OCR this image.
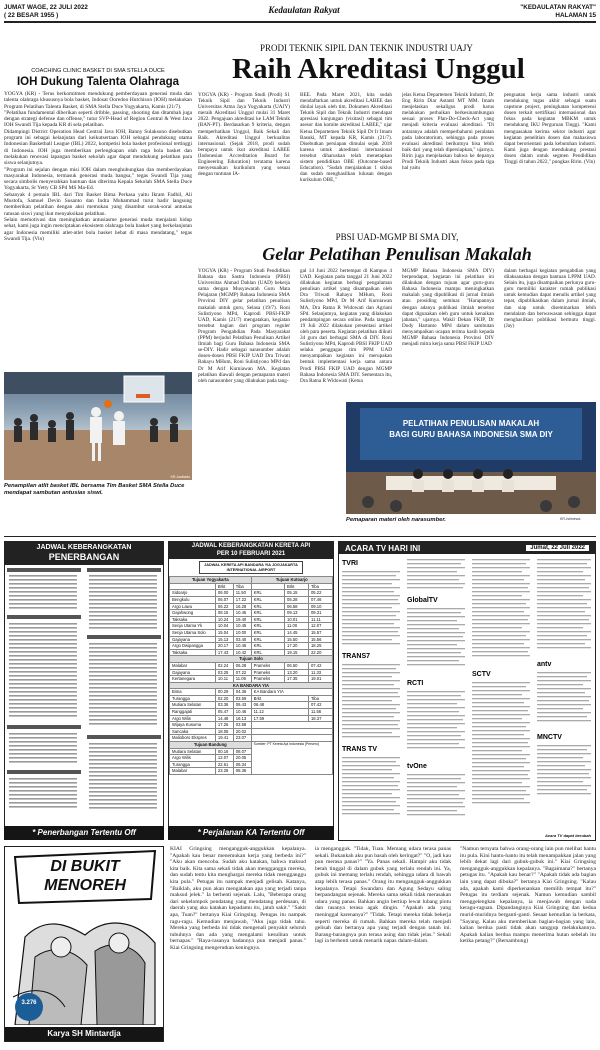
JUMAT WAGE, 22 JULI 2022
( 22 BESAR 1955 )
Kedaulatan Rakyat	"KEDAULATAN RAKYAT"
HALAMAN 15
COACHING CLINIC BASKET DI SMA STELLA DUCE
IOH Dukung Talenta Olahraga

YOGYA (KR) - Terus berkomitmen mendukung pemberdayaan generasi muda dan talenta olahraga khususnya bola basket, Indosat Ooredoo Hutchison (IOH) melakukan Program Pelatihan Talenta Basket, di SMA Stella Duce Yogyakarta, Kamis (21/7).

"Pelatihan fundamental diberikan seperti dribble, passing, shooting dan ditambah juga dengan strategi defense dan offense," tutur SVP-Head of Region Central & West Java IOH Swandi Tija kepada KR di sela pelatihan.

Didampingi District Operation Head Central Java IOH, Banny Sulaksono disebutkan program ini sebagai kelanjutan dari keikutsertaan IOH sebagai pendukung utama Indonesian Basketball League (IBL) 2022, kompetisi bola basket profesional tertinggi di Indonesia. IOH juga memberikan perlengkapan olah raga bola basket dan melakukan renovasi lapangan basket sekolah agar dapat mendukung pelatihan para siswa selanjutnya.

"Program ini sejalan dengan misi IOH dalam menghubungkan dan memberdayakan masyarakat Indonesia, termasuk generasi muda bangsa," tegas Swandi Tija yang secara simbolis menyerahkan bantuan dan diterima Kepala Sekolah SMA Stella Duce Yogyakarta, Sr Yetty CB SPd MS Ma-Ed.

Sebanyak 4 pemain IBL dari Tim Basket Bima Perkasa yaitu Ikram Fadhil, Ali Mustofa, Samuel Devin Susanto dan Indra Muhammad turut hadir langsung memberikan pelatihan dengan aksi memukau yang disambut sorak-sorai antusias ratusan siswi yang ikut menyaksikan pelatihan.

Selain memotivasi dan meningkatkan antusiasme generasi muda menjalani hidup sehat, kami juga ingin menciptakan ekosistem olahraga bola basket yang berkelanjutan agar Indonesia memiliki atlet-atlet bola basket hebat di masa mendatang," tegas Swandi Tija. (Vin)

KR-Juwitarto
Penampilan atlit basket IBL bersama Tim Basket SMA Stella Duce mendapat sambutan antusias siswi.
PRODI TEKNIK SIPIL DAN TEKNIK INDUSTRI UAJY
Raih Akreditasi Unggul

YOGYA (KR) - Program Studi (Prodi) S1 Teknik Sipil dan Teknik Industri Universitas Atma Jaya Yogyakarta (UAJY) meraih Akreditasi Unggul mulai 31 Maret 2022. Pengajuan akreditasi ke LAM Teknik (BAN-PT). Berdasarkan 9 kriteria, dengan memperhatikan Unggul, Baik Sekali dan Baik. Akreditasi Unggul berkualitas internasional. (Sejak 2018, prodi sudah berupaya untuk ikut akreditasi LABEE (Indonesian Accreditation Board for Engineering Education) terutama karena menyesuaikan kurikulum yang sesuai dengan tuntutan IA-

BEE. Pada Maret 2021, kita sudah mendaftarkan untuk akreditasi LABEE dan dinilai layak oleh tim. Dokumen Akreditasi Teknik Sipil dan Teknik Industri mendapat apresiasi kunjungan (visitasi) sebagai tim asesor dan komite akreditasi LABEE," ujar Ketua Departemen Teknik Sipil Dr Ir Imam Basuki, MT kepada KR, Kamis (21/7). Disebutkan persiapan dimulai sejak 2018 karena untuk akreditasi internasional tersebut diharuskan telah menetapkan sistem pendidikan OBE (Outcome-based Education). "Sudah menjalankan 1 siklus dan sudah menghasilkan lulusan dengan kurikulum OBE,"

jelas Ketua Departemen Teknik Industri, Dr Eng Ririn Diar Astanti MT MM. Imam menjelaskan sekaligus prodi harus melakukan perbaikan berkesinambungan sesuai proses Plan-Do-Check-Act yang menjadi kriteria evaluasi akreditasi. "Di antaranya adalah memperbaharui peralatan pada laboratorium, sehingga pada proses evaluasi akreditasi berikutnya bisa lebih baik dari yang telah dipersiapkan," ujarnya. Ririn juga menjelaskan bahwa ke depanya Prodi Teknik Industri akan fokus pada tiga hal yaitu

penguatan kerja sama industri untuk mendukung tugas akhir sebagai suatu capstone project, peningkatan kompetensi dosen terkait sertifikasi internasional dan fokus pada kegiatan MBKM untuk mendukung IKU Perguruan Tinggi. "Kami menguasakan kerima sektor industri agar kegiatan penelitian dosen dan mahasiswa dapat berorientasi pada kebutuhan industri. Kami juga dengan mendukung prestasi dosen dalam untuk segmen Pendidikan Tinggi di tahun 2022," pungkas Ririn. (Vin)

PBSI UAD-MGMP BI SMA DIY,
Gelar Pelatihan Penulisan Makalah

YOGYA (KR) - Program Studi Pendidikan Bahasa dan Sastra Indonesia (PBSI) Universitas Ahmad Dahlan (UAD) bekerja sama dengan Musyawarah Guru Mata Pelajaran (MGMP) Bahasa Indonesia SMA Provinsi DIY gelar pelatihan penulisan makalah untuk guru, Selasa (19/7). Roni Sulistiyono MPd, Kaprodi PBSI-FKIP UAD, Kamis (21/7) mengatakan, kegiatan tersebut bagian dari program reguler Program Pengabdian Pada Masyarakat (PPM) berjudul Pelatihan Penulisan Artikel Ilmiah bagi Guru Bahasa Indonesia SMA se-DIY. Hadir sebagai narasumber adalah dosen-dosen PBSI FKIP UAD Dra Triwati Rahayu MHum, Roni Sulistiyono MPd dan Dr M Arif Kurniawan MA. Kegiatan pelatihan diawali dengan pemaparan materi oleh narasumber yang dilakukan pada tang-

gal 14 Juni 2022 bertempat di Kampus 4 UAD. Kegiatan pada tanggal 21 Juni 2022 dilakukan kegiatan berbagi pengalaman penulisan artikel yang disampaikan oleh Dra Triwati Rahayu MHum, Roni Sulistiyono MPd, Dr M Arif Kurniawan MA, Dra Ratna R Widowati dan Agriani SPd. Selanjutnya, kegiatan yang dilakukan pendampingan secara online. Pada tanggal 19 Juli 2022 dilakukan presentasi artikel oleh para peserta. Kegiatan pelatihan diikuti 34 guru dari berbagai SMA di DIY. Roni Sulistiyono MPd, Kaprodi PBSI FKIP UAD selaku penggagas tim PPM UAD menyampaikan kegiatan ini merupakan bentuk implementasi kerja sama antara Prodi PBSI FKIP UAD dengan MGMP Bahasa Indonesia SMA DIY. Sementara itu, Dra Ratna R Widowati (Ketua

MGMP Bahasa Indonesia SMA DIY) berpendapat, kegiatan ini pelatihan ini dilakukan dengan tujuan agar guru-guru Bahasa Indonesia mampu meningkatkan makalah yang dipublikasi di jurnal ilmiah atau prosiding seminar. "Harapannya dengan adanya publikasi ilmiah tersebut dapat digunakan oleh guru untuk kenaikan jabatan," ujarnya. Wakil Dekan FKIP, Dr Dody Hartanto MPd dalam sambutan menyampaikan ucapan terima kasih kepada MGMP Bahasa Indonesia Provinsi DIY menjadi mitra kerja sama PBSI FKIP UAD

dalam berbagai kegiatan pengabdian yang dilaksanakan dengan bantuan LPPM UAD. Selain itu, juga disampaikan perlunya guru-guru memiliki karakter rumah publikasi untuk kemudian dapat menulis artikel yang tepat, dipublikasikan dalam jurnal ilmiah, dan siap untuk diseminarkan lebih mendalam dan berwawasan sehingga dapat menghasilkan publikasi bermutu tinggi. (Jay)

PELATIHAN PENULISAN MAKALAH
BAGI GURU BAHASA INDONESIA SMA DIY
KR-Istimewa
Pemaparan materi oleh narasumber.
JADWAL KEBERANGKATAN
PENERBANGAN
* Penerbangan Tertentu Off
JADWAL KEBERANGKATAN KERETA API
PER 10 FEBRUARI 2021
JADWAL KERETA API BANDARA YIA JOGJAKARTA INTERNATIONAL AIRPORT
Tujuan Yogyakarta			Tujuan Kutoarjo		
	Brkt	Tiba		Brkt	Tiba
Sidoarjo	06.00	11.50	KRL	05.15	05.22
Bengkulu	06.07	17.22	KRL	05.28	07.46
Argo Lawu	06.22	16.28	KRL	06.58	09.10
Gajahwong	08.15	10.45	KRL	09.13	09.31
Taksaka	10.24	19.40	KRL	10.01	11.11
Senja Utama Yk	10.04	10.45	KRL	11.00	12.07
Senja Utama Solo	15.04	10.00	KRL	14.45	15.57
Gajayana	15.13	03.40	KRL	15.50	15.56
Argo Dwipangga	20.17	10.45	KRL	17.20	18.25
Taksaka	17.43	10.42	KRL	19.15	22.20
Tujuan Solo					
Malabar	02.24	06.28	Prameks	06.50	07.42
Gajayana	03.25	07.22	Prameks	13.20	11.33
Kertanegara	10.11	11.06	Prameks	17.35	19.01
KA BANDARA YIA					
Bima	00.29	04.36	KA Bandara YIA		
Turangga	02.20	03.59	Brkt		Tiba
Mutiara Selatan	03.36	06.43	06.48		07.42
Ranggajati	05.47	10.46	11.12		11.56
Argo Wilis	14.48	16.13	17.59		18.37
Wijaya Kusuma	17.26	03.58			
Sancaka	18.05	20.02			
Malioboro Ekspres	19.41	23.07			
Tujuan Bandung			Sumber: PT Kereta Api Indonesia (Persero)		
Mutiara Selatan	00.16	08.07			
Argo Wilis	12.07	20.05			
Turangga	22.61	06.34			
Malabar	23.28	08.36			
* Perjalanan KA Tertentu Off
ACARA TV HARI INI	Jumat, 22 Juli 2022
TVRI
TRANS7
TRANS TV
GlobalTV
RCTI
tvOne
SCTV
antv
MNCTV
Acara TV dapat berubah
DI BUKIT MENOREH
3.276
Karya SH Mintardja

KIAI Gringsing mengangguk-anggukkan kepalanya. "Apakah kau benar menemukan kerja yang berbeda ini?" "Aku akan mencoba. Sudah aku katakan, bahwa maksud kita baik. Kita sama sekali tidak akan mengganggu mereka, dan sudah tentu kita menghargai mereka tidak mengganggu kita pula." Petugas itu nampak menjadi gelisah. Katanya, "Baiklah, aku pun akan mengatakan apa yang terjadi tanpa maksud jelek." Ia berhenti sejenak. Lalu, "Beberapa orang dari sekelompok pendatang yang mendatang perdesaan, di daerah yang aku katakan kepadamu itu, jatuh sakit." "Sakit apa, Tuan?" bertanya Kiai Gringsing. Petugas itu nampak ragu-ragu. Kemudian menjawab, "Aku juga tidak tahu. Mereka yang berbeda ini tidak mengenali penyakit seluruh tubuhnya dan ada yang mengalami kesulitan untuk bernapas." "Raya-rasanya badannya pun menjadi panas." Kiai Gringsing mengerutkan keningnya.

ia mengangguk. "Tidak, Tuan. Memang udara terasa panas sekali. Bukankah aku pun basah oleh keringat?" "O, jadi kau pun merasa panas?" "Ya. Panas sekali. Hampir aku tidak betah tinggal di dalam gubuk yang terlalu rendah ini. Ya, gubuk ini memang terlalu rendah, sehingga udara di bawah atap lebih terasa panas." Orang itu mengangguk-anggukkan kepalanya. Tetapi Swandaru dan Agung Sedayu saling berpandangan sejenak. Mereka sama sekali tidak merasakan udara yang panas. Bahkan angin bertiup lewat lubang pintu dan rasanya terasa agak dingin. "Apakah ada yang meninggal karenanya?" "Tidak. Tetapi mereka tidak bekerja seperti mereka di rumah. Bahkan mereka telah menjadi gelisah dan bertanya apa yang terjadi dengan tanah ini. Barang-barangnya pun terasa asing dan tidak jelas." Sekali lagi ia berhenti untuk menarik napas dalam-dalam.

"Namun ternyata bahwa orang-orang lain pun melihat hantu itu pula. Kini hantu-hantu itu telah menampakkan jalan yang lebih dekat lagi dari gubuk-gubuk ini." Kiai Gringsing mengangguk-anggukkan kepalanya. "Bagaimana?" bertanya petugas itu. "Apakah kau benar?" "Apakah tidak ada bagian lain yang dapat dibuka?" bertanya Kiai Gringsing. "Kalau ada, apakah kami diperkenankan memilih tempat itu?" Petugas itu terdiam sejenak. Namun kemudian sambil menggelengkan kepalanya, ia menjawab dengan nada keragu-raguan. Dipandanginya Kiai Gringsing dan kedua murid-muridnya berganti-ganti. Sesaat kemudian ia berkata, "Sayang. Kalau aku memberikan bagian-bagian yang lain, kalian berdua pasti tidak akan sanggup melakukannya. Apakah kalian berdua mampu menerima hutan sebelah itu ketika petang?" (Bersambung)
